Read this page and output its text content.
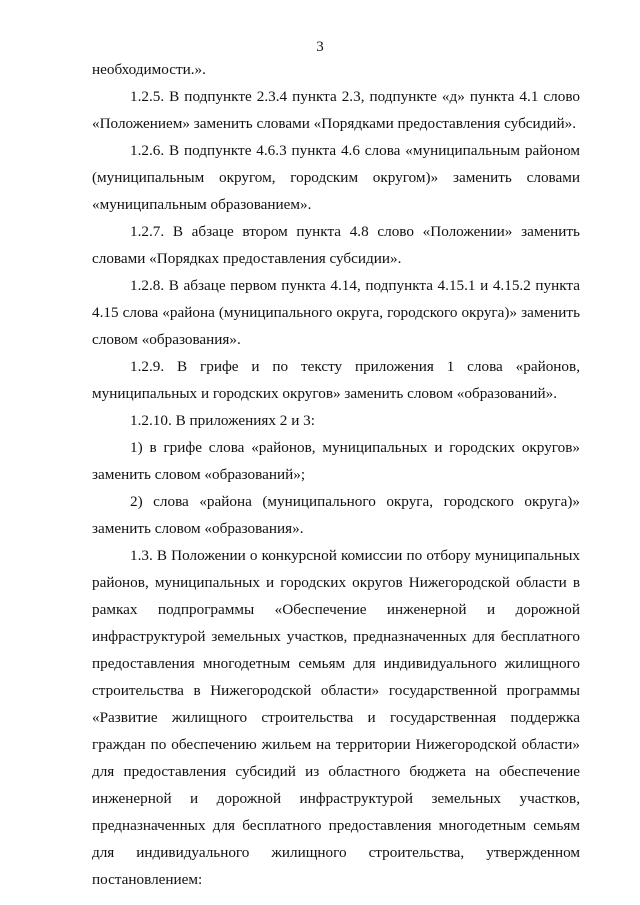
3

необходимости.».

1.2.5. В подпункте 2.3.4 пункта 2.3, подпункте «д» пункта 4.1 слово «Положением» заменить словами «Порядками предоставления субсидий».

1.2.6. В подпункте 4.6.3 пункта 4.6 слова «муниципальным районом (муниципальным округом, городским округом)» заменить словами «муниципальным образованием».

1.2.7. В абзаце втором пункта 4.8 слово «Положении» заменить словами «Порядках предоставления субсидии».

1.2.8. В абзаце первом пункта 4.14, подпункта 4.15.1 и 4.15.2 пункта 4.15 слова «района (муниципального округа, городского округа)» заменить словом «образования».

1.2.9. В грифе и по тексту приложения 1 слова «районов, муниципальных и городских округов» заменить словом «образований».

1.2.10. В приложениях 2 и 3:

1) в грифе слова «районов, муниципальных и городских округов» заменить словом «образований»;

2) слова «района (муниципального округа, городского округа)» заменить словом «образования».

1.3. В Положении о конкурсной комиссии по отбору муниципальных районов, муниципальных и городских округов Нижегородской области в рамках подпрограммы «Обеспечение инженерной и дорожной инфраструктурой земельных участков, предназначенных для бесплатного предоставления многодетным семьям для индивидуального жилищного строительства в Нижегородской области» государственной программы «Развитие жилищного строительства и государственная поддержка граждан по обеспечению жильем на территории Нижегородской области» для предоставления субсидий из областного бюджета на обеспечение инженерной и дорожной инфраструктурой земельных участков, предназначенных для бесплатного предоставления многодетным семьям для индивидуального жилищного строительства, утвержденном постановлением:
